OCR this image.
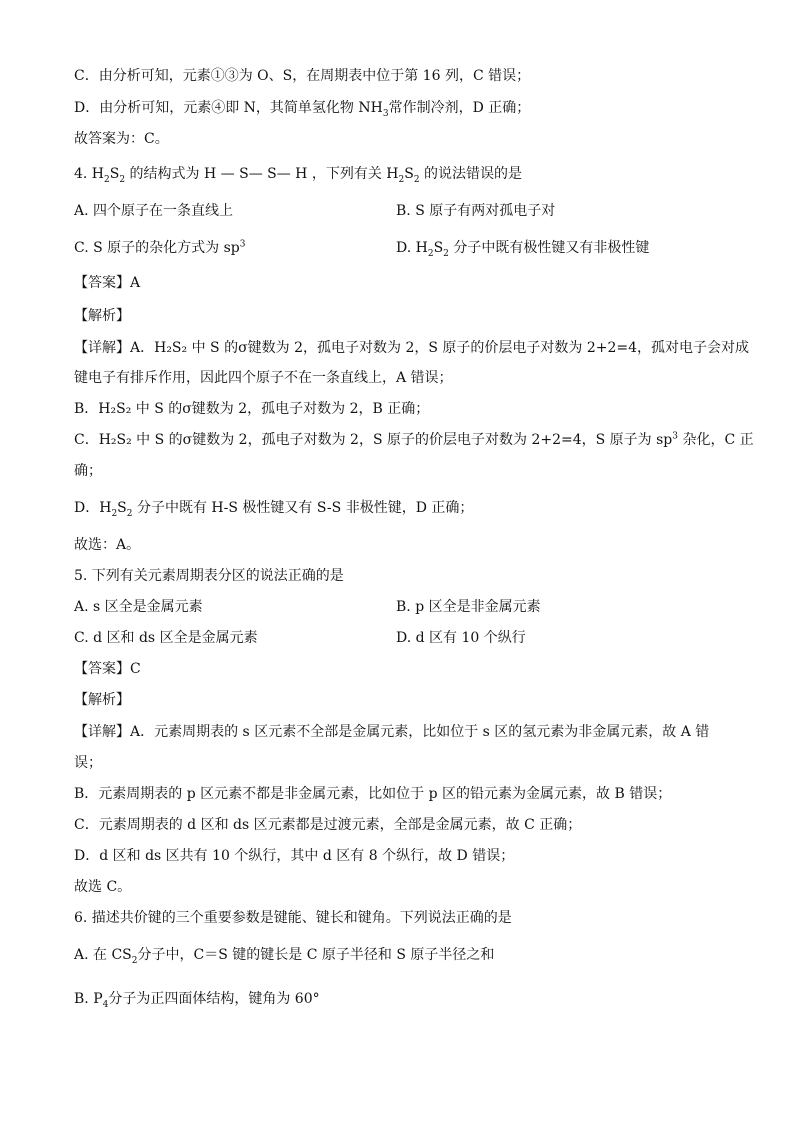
C．由分析可知，元素①③为 O、S，在周期表中位于第 16 列，C 错误；
D．由分析可知，元素④即 N，其简单氢化物 $NH_3$常作制冷剂，D 正确；
故答案为：C。
4. $H_2S_2$ 的结构式为 H — S— S— H ，下列有关 $H_2S_2$ 的说法错误的是
A. 四个原子在一条直线上	B. S 原子有两对孤电子对
C. S 原子的杂化方式为 $sp^3$	D. $H_2S_2$ 分子中既有极性键又有非极性键
【答案】A
【解析】
【详解】A．H₂S₂ 中 S 的σ键数为 2，孤电子对数为 2，S 原子的价层电子对数为 2+2=4，孤对电子会对成
键电子有排斥作用，因此四个原子不在一条直线上，A 错误；
B．H₂S₂ 中 S 的σ键数为 2，孤电子对数为 2，B 正确；
C．H₂S₂ 中 S 的σ键数为 2，孤电子对数为 2，S 原子的价层电子对数为 2+2=4，S 原子为 $sp^3$ 杂化，C 正
确；
D．$H_2S_2$ 分子中既有 H-S 极性键又有 S-S 非极性键，D 正确；
故选：A。
5. 下列有关元素周期表分区的说法正确的是
A. s 区全是金属元素	B. p 区全是非金属元素
C. d 区和 ds 区全是金属元素	D. d 区有 10 个纵行
【答案】C
【解析】
【详解】A．元素周期表的 s 区元素不全部是金属元素，比如位于 s 区的氢元素为非金属元素，故 A 错
误；
B．元素周期表的 p 区元素不都是非金属元素，比如位于 p 区的铅元素为金属元素，故 B 错误；
C．元素周期表的 d 区和 ds 区元素都是过渡元素，全部是金属元素，故 C 正确；
D．d 区和 ds 区共有 10 个纵行，其中 d 区有 8 个纵行，故 D 错误；
故选 C。
6. 描述共价键的三个重要参数是键能、键长和键角。下列说法正确的是
A. 在 $CS_2$分子中，C＝S 键的键长是 C 原子半径和 S 原子半径之和
B. $P_4$分子为正四面体结构，键角为 60°
